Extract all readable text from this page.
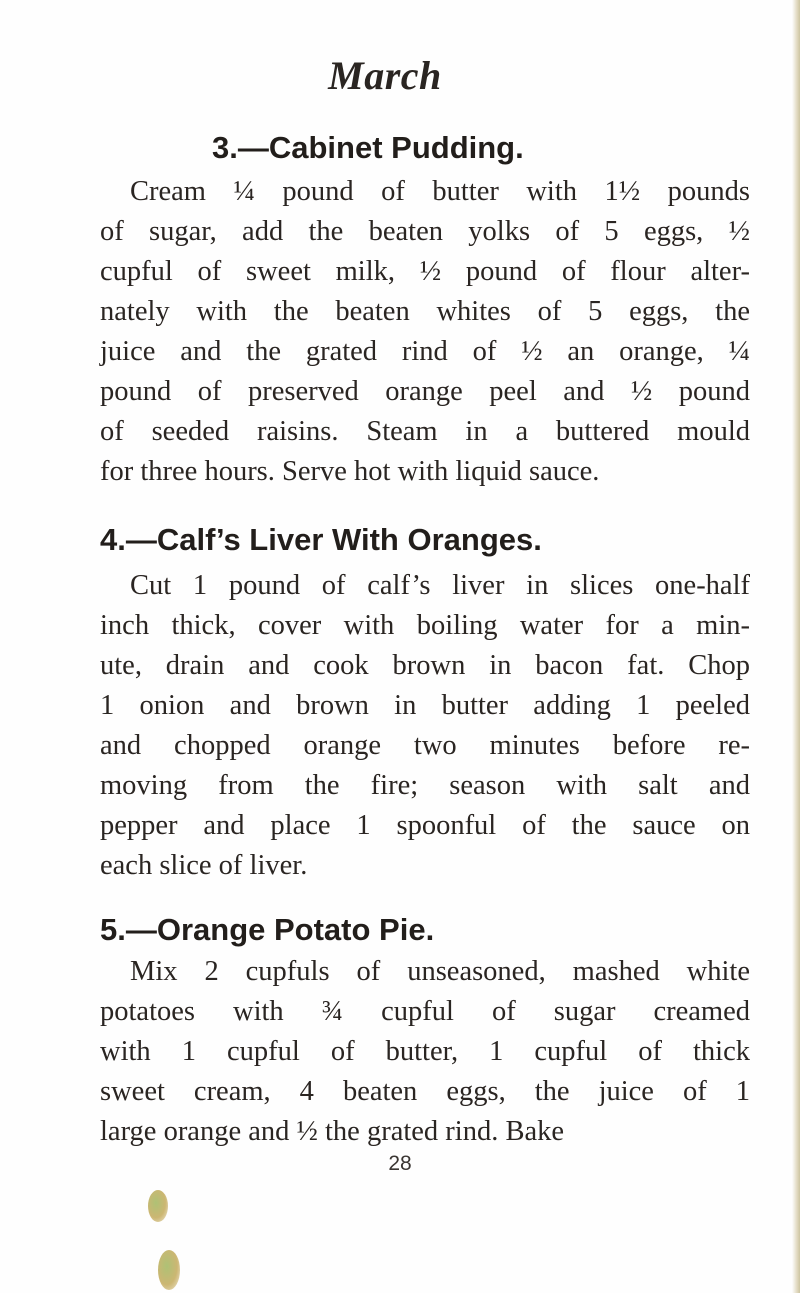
March
3.—Cabinet Pudding.
Cream ¼ pound of butter with 1½ pounds
of sugar, add the beaten yolks of 5 eggs, ½
cupful of sweet milk, ½ pound of flour alter-
nately with the beaten whites of 5 eggs, the
juice and the grated rind of ½ an orange, ¼
pound of preserved orange peel and ½ pound
of seeded raisins. Steam in a buttered mould
for three hours. Serve hot with liquid sauce.
4.—Calf’s Liver With Oranges.
Cut 1 pound of calf’s liver in slices one-half
inch thick, cover with boiling water for a min-
ute, drain and cook brown in bacon fat. Chop
1 onion and brown in butter adding 1 peeled
and chopped orange two minutes before re-
moving from the fire; season with salt and
pepper and place 1 spoonful of the sauce on
each slice of liver.
5.—Orange Potato Pie.
Mix 2 cupfuls of unseasoned, mashed white
potatoes with ¾ cupful of sugar creamed
with 1 cupful of butter, 1 cupful of thick
sweet cream, 4 beaten eggs, the juice of 1
large orange and ½ the grated rind. Bake
28
